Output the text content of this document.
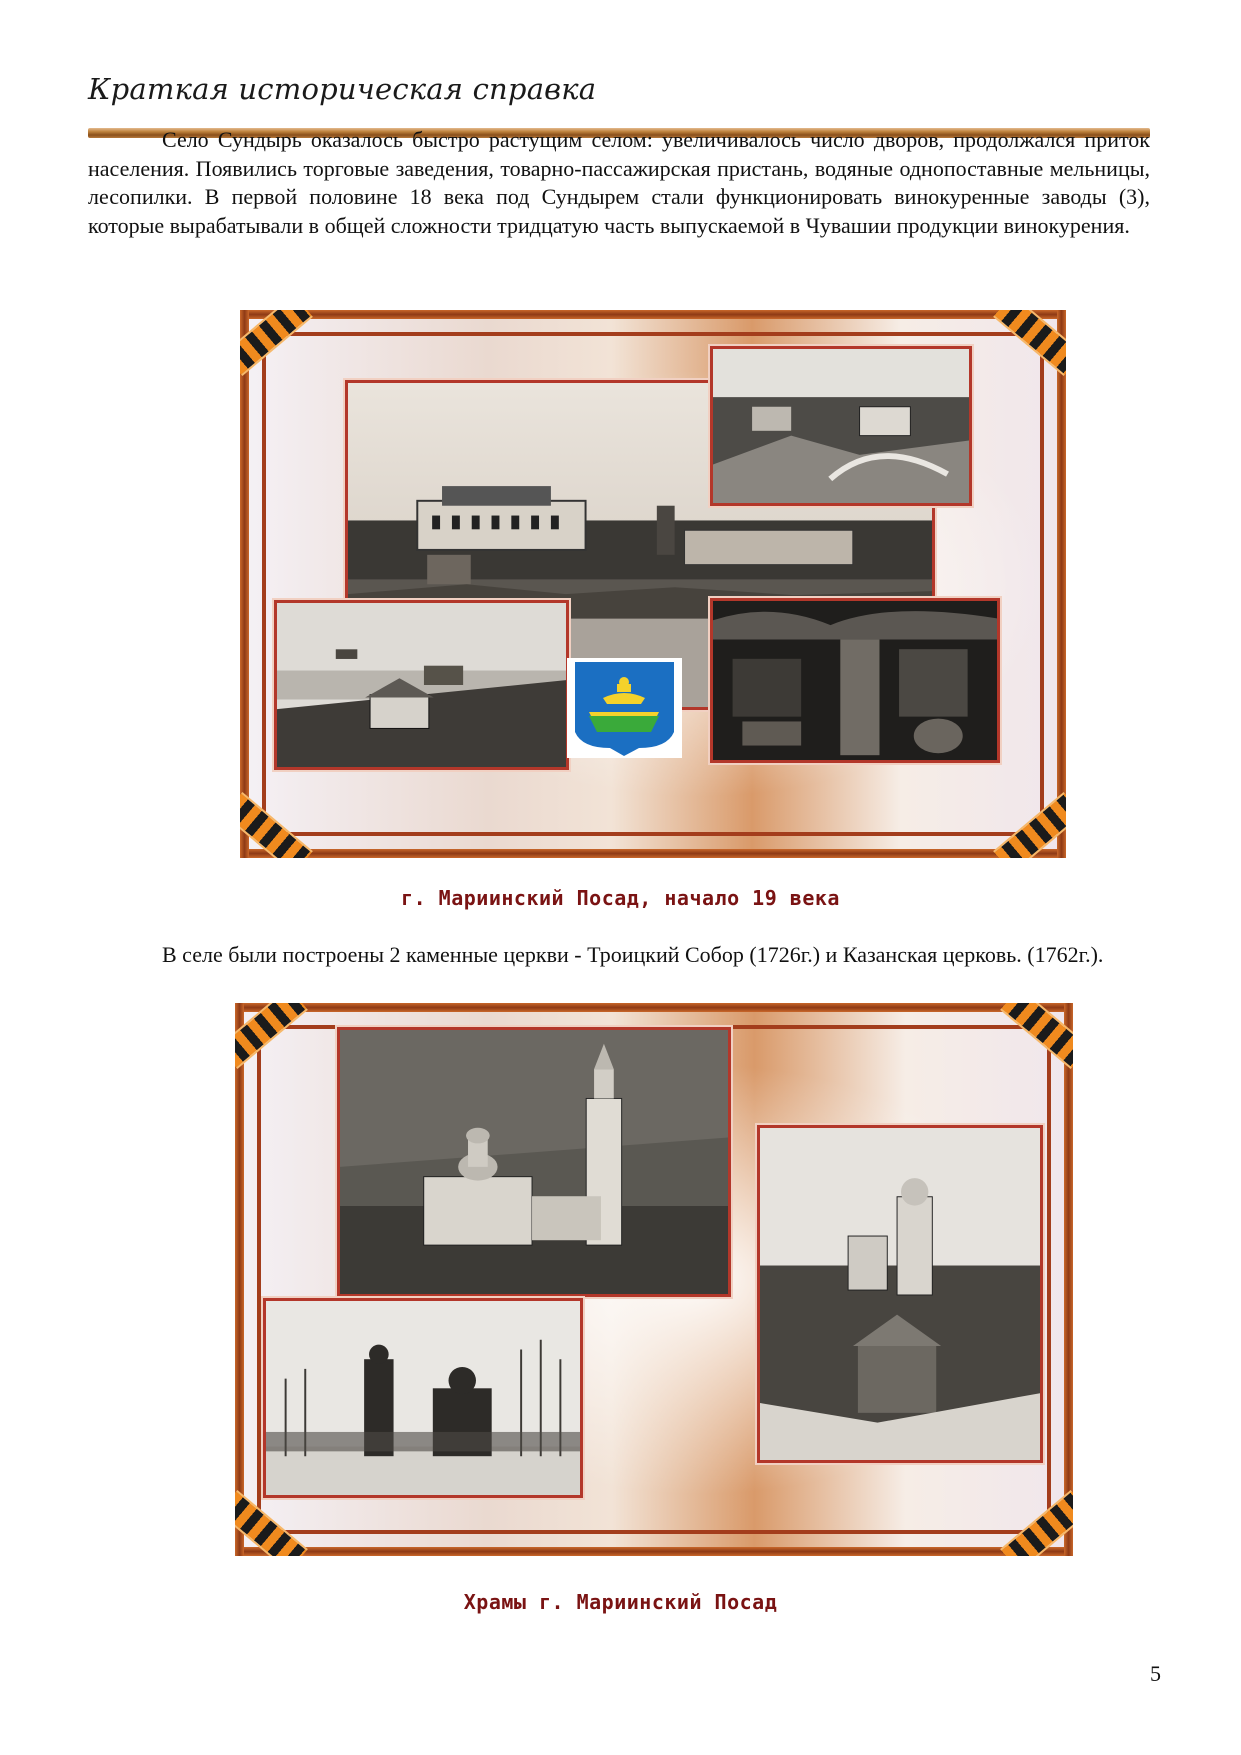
Краткая историческая справка

Село Сундырь оказалось быстро растущим селом: увеличивалось число дворов, продолжался приток населения. Появились торговые заведения, товарно-пассажирская пристань, водяные однопоставные мельницы, лесопилки. В первой половине 18 века под Сундырем стали функционировать винокуренные заводы (3), которые вырабатывали в общей сложности тридцатую часть выпускаемой в Чувашии продукции винокурения.

г. Мариинский Посад, начало 19 века

В селе были построены 2 каменные церкви - Троицкий Собор (1726г.) и Казанская церковь. (1762г.).

Храмы г. Мариинский Посад
5
